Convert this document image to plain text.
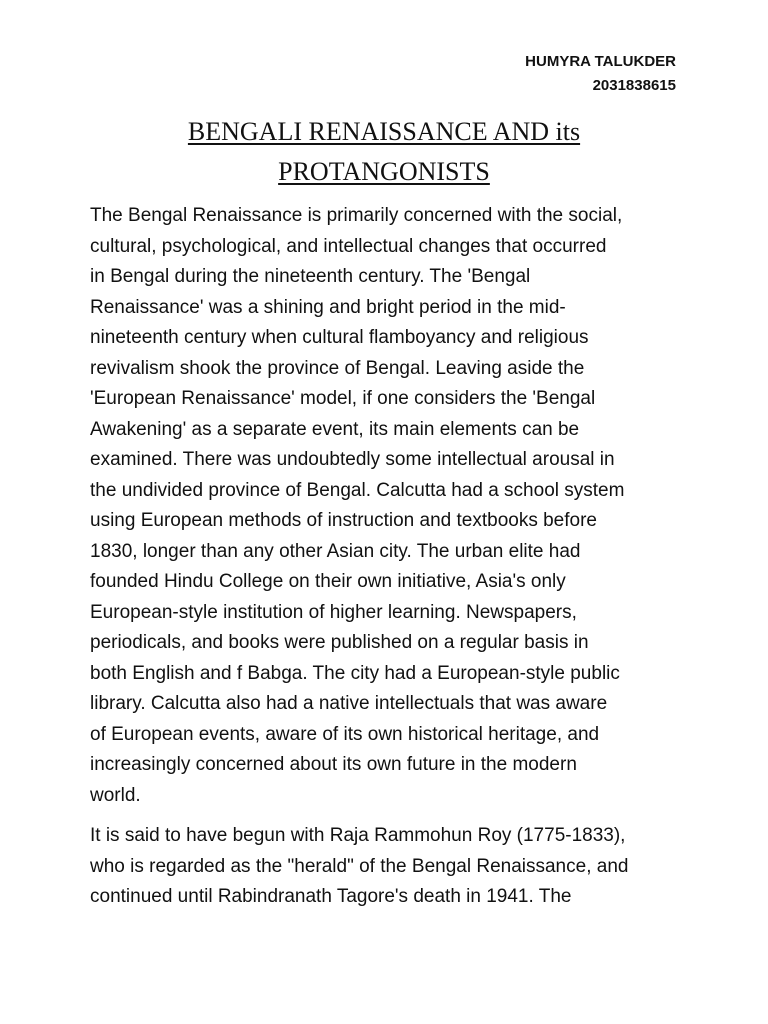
HUMYRA TALUKDER
2031838615
BENGALI RENAISSANCE AND its
PROTANGONISTS

The Bengal Renaissance is primarily concerned with the social,
cultural, psychological, and intellectual changes that occurred
in Bengal during the nineteenth century. The 'Bengal
Renaissance' was a shining and bright period in the mid-
nineteenth century when cultural flamboyancy and religious
revivalism shook the province of Bengal. Leaving aside the
'European Renaissance' model, if one considers the 'Bengal
Awakening' as a separate event, its main elements can be
examined. There was undoubtedly some intellectual arousal in
the undivided province of Bengal. Calcutta had a school system
using European methods of instruction and textbooks before
1830, longer than any other Asian city. The urban elite had
founded Hindu College on their own initiative, Asia's only
European-style institution of higher learning. Newspapers,
periodicals, and books were published on a regular basis in
both English and f Babga. The city had a European-style public
library. Calcutta also had a native intellectuals that was aware
of European events, aware of its own historical heritage, and
increasingly concerned about its own future in the modern
world.

It is said to have begun with Raja Rammohun Roy (1775-1833),
who is regarded as the "herald" of the Bengal Renaissance, and
continued until Rabindranath Tagore's death in 1941. The
